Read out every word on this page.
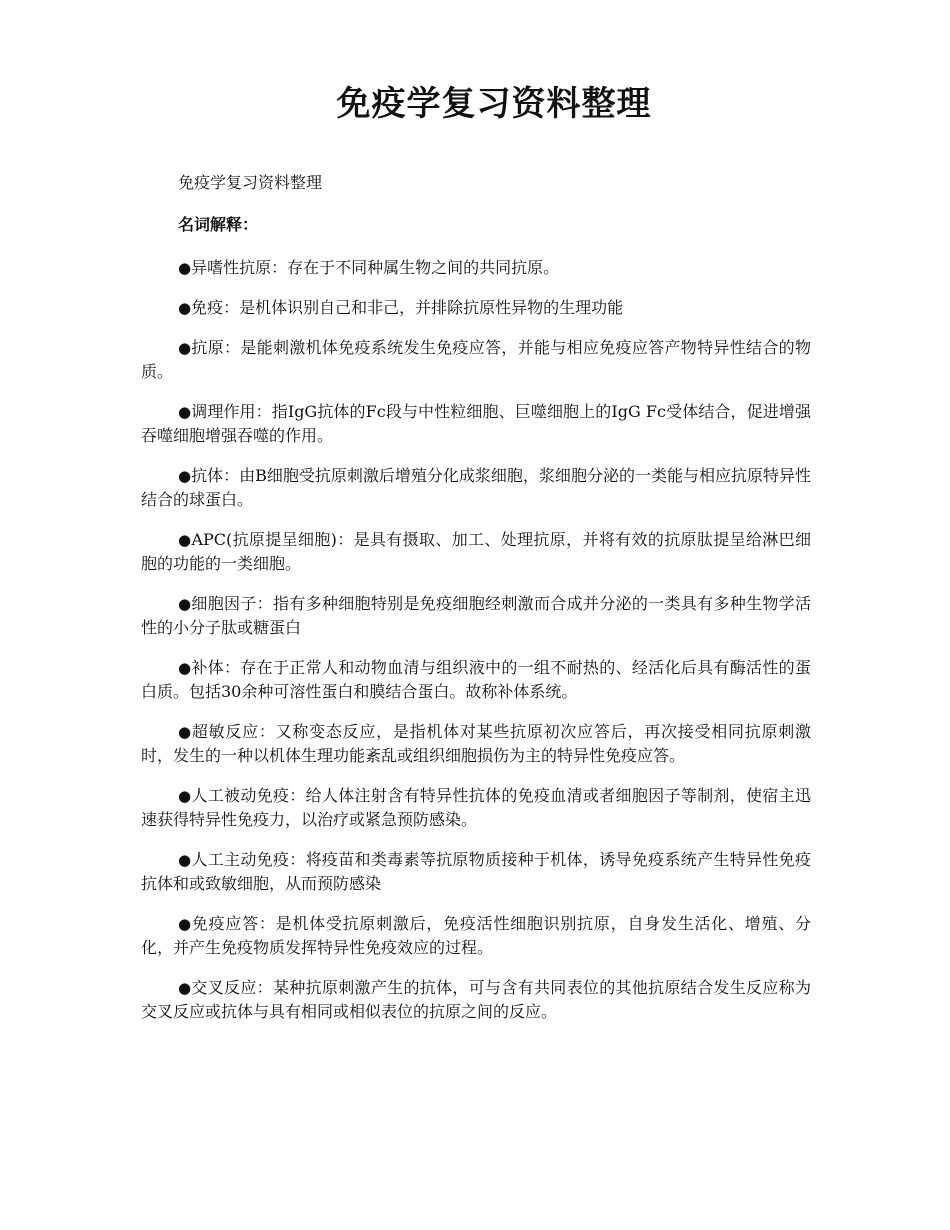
免疫学复习资料整理

免疫学复习资料整理

名词解释：

●异嗜性抗原：存在于不同种属生物之间的共同抗原。

●免疫：是机体识别自己和非己，并排除抗原性异物的生理功能

●抗原：是能刺激机体免疫系统发生免疫应答，并能与相应免疫应答产物特异性结合的物质。

●调理作用：指IgG抗体的Fc段与中性粒细胞、巨噬细胞上的IgG Fc受体结合，促进增强吞噬细胞增强吞噬的作用。

●抗体：由B细胞受抗原刺激后增殖分化成浆细胞，浆细胞分泌的一类能与相应抗原特异性结合的球蛋白。

●APC(抗原提呈细胞)：是具有摄取、加工、处理抗原，并将有效的抗原肽提呈给淋巴细胞的功能的一类细胞。

●细胞因子：指有多种细胞特别是免疫细胞经刺激而合成并分泌的一类具有多种生物学活性的小分子肽或糖蛋白

●补体：存在于正常人和动物血清与组织液中的一组不耐热的、经活化后具有酶活性的蛋白质。包括30余种可溶性蛋白和膜结合蛋白。故称补体系统。

●超敏反应：又称变态反应，是指机体对某些抗原初次应答后，再次接受相同抗原刺激时，发生的一种以机体生理功能紊乱或组织细胞损伤为主的特异性免疫应答。

●人工被动免疫：给人体注射含有特异性抗体的免疫血清或者细胞因子等制剂，使宿主迅速获得特异性免疫力，以治疗或紧急预防感染。

●人工主动免疫：将疫苗和类毒素等抗原物质接种于机体，诱导免疫系统产生特异性免疫抗体和或致敏细胞，从而预防感染

●免疫应答：是机体受抗原刺激后，免疫活性细胞识别抗原，自身发生活化、增殖、分化，并产生免疫物质发挥特异性免疫效应的过程。

●交叉反应：某种抗原刺激产生的抗体，可与含有共同表位的其他抗原结合发生反应称为交叉反应或抗体与具有相同或相似表位的抗原之间的反应。
